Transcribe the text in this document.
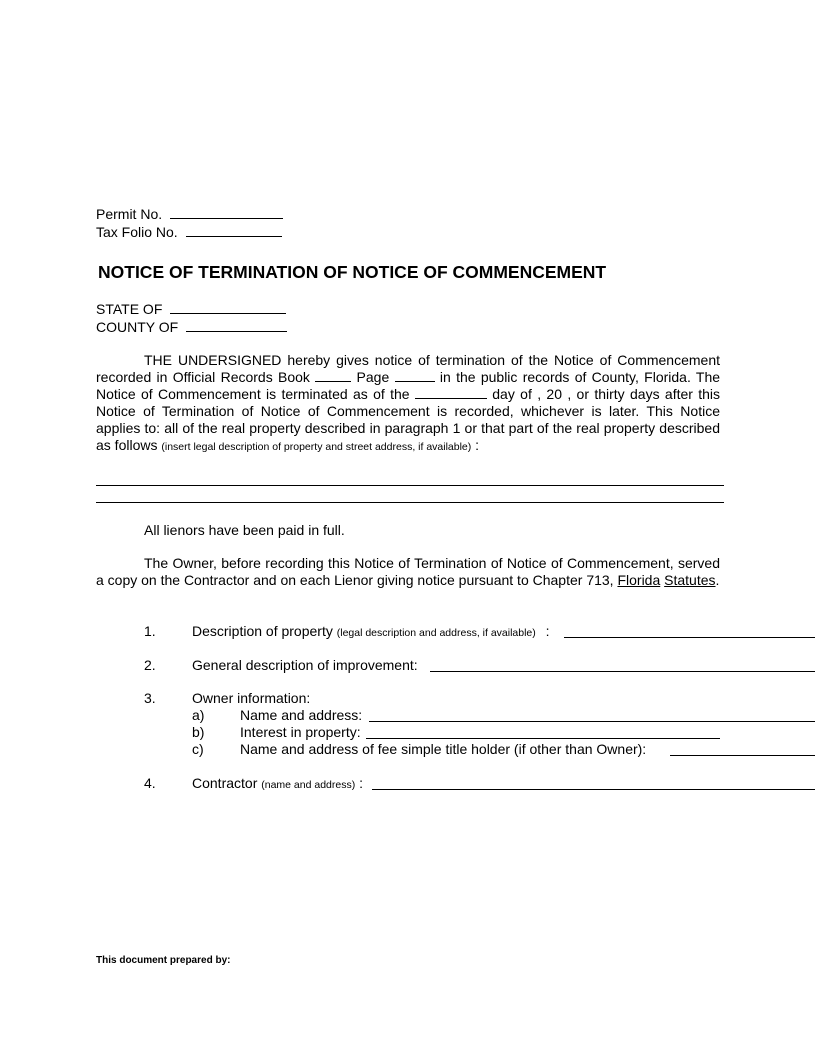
Permit No.
Tax Folio No.
NOTICE OF TERMINATION OF NOTICE OF COMMENCEMENT
STATE OF
COUNTY OF
THE UNDERSIGNED hereby gives notice of termination of the Notice of Commencement recorded in Official Records Book	Page	in the public records of County, Florida. The Notice of Commencement is terminated as of the	day of , 20 , or thirty days after this Notice of Termination of Notice of Commencement is recorded, whichever is later. This Notice applies to: all of the real property described in paragraph 1 or that part of the real property described as follows (insert legal description of property and street address, if available) :
All lienors have been paid in full.
The Owner, before recording this Notice of Termination of Notice of Commencement, served a copy on the Contractor and on each Lienor giving notice pursuant to Chapter 713, Florida Statutes.
1.	Description of property (legal description and address, if available) :
2.	General description of improvement:
3.	Owner information:
a)	Name and address:
b)	Interest in property:
c)	Name and address of fee simple title holder (if other than Owner):
4.	Contractor (name and address) :
This document prepared by:
